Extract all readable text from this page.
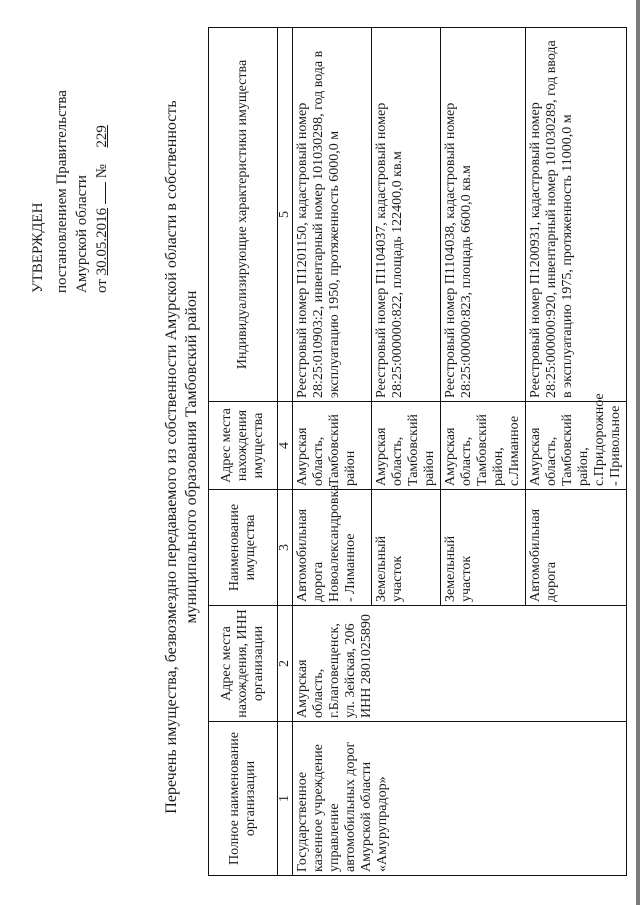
УТВЕРЖДЕН постановлением Правительства Амурской области от 30.05.2016  № 229	Перечень имущества, безвозмездно передаваемого из собственности Амурской области в собственность муниципального образования Тамбовский район
Полное наименование организации	Адрес места нахождения, ИНН организации	Наименование имущества	Адрес места нахождения имущества	Индивидуализирующие характеристики имущества
1	2	3	4	5
Государственное казенное учреждение управление автомобильных дорог Амурской области «Амурупрадор»	Амурская область, г.Благовещенск, ул. Зейская, 206 ИНН 2801025890	Автомобильная дорога Новоалександровка - Лиманное	Амурская область, Тамбовский район	Реестровый номер П1201150, кадастровый номер 28:25:010903:2, инвентарный номер 101030298, год вода в эксплуатацию 1950, протяженность 6000,0 м
		Земельный участок	Амурская область, Тамбовский район	Реестровый номер П1104037, кадастровый номер 28:25:000000:822, площадь 122400,0 кв.м
		Земельный участок	Амурская область, Тамбовский район, с.Лиманное	Реестровый номер П1104038, кадастровый номер 28:25:000000:823, площадь 6600,0 кв.м
		Автомобильная дорога	Амурская область, Тамбовский район, с.Придорожное - Привольное	Реестровый номер П1200931, кадастровый номер 28:25:000000:920, инвентарный номер 101030289, год ввода в эксплуатацию 1975, протяженность 11000,0 м
